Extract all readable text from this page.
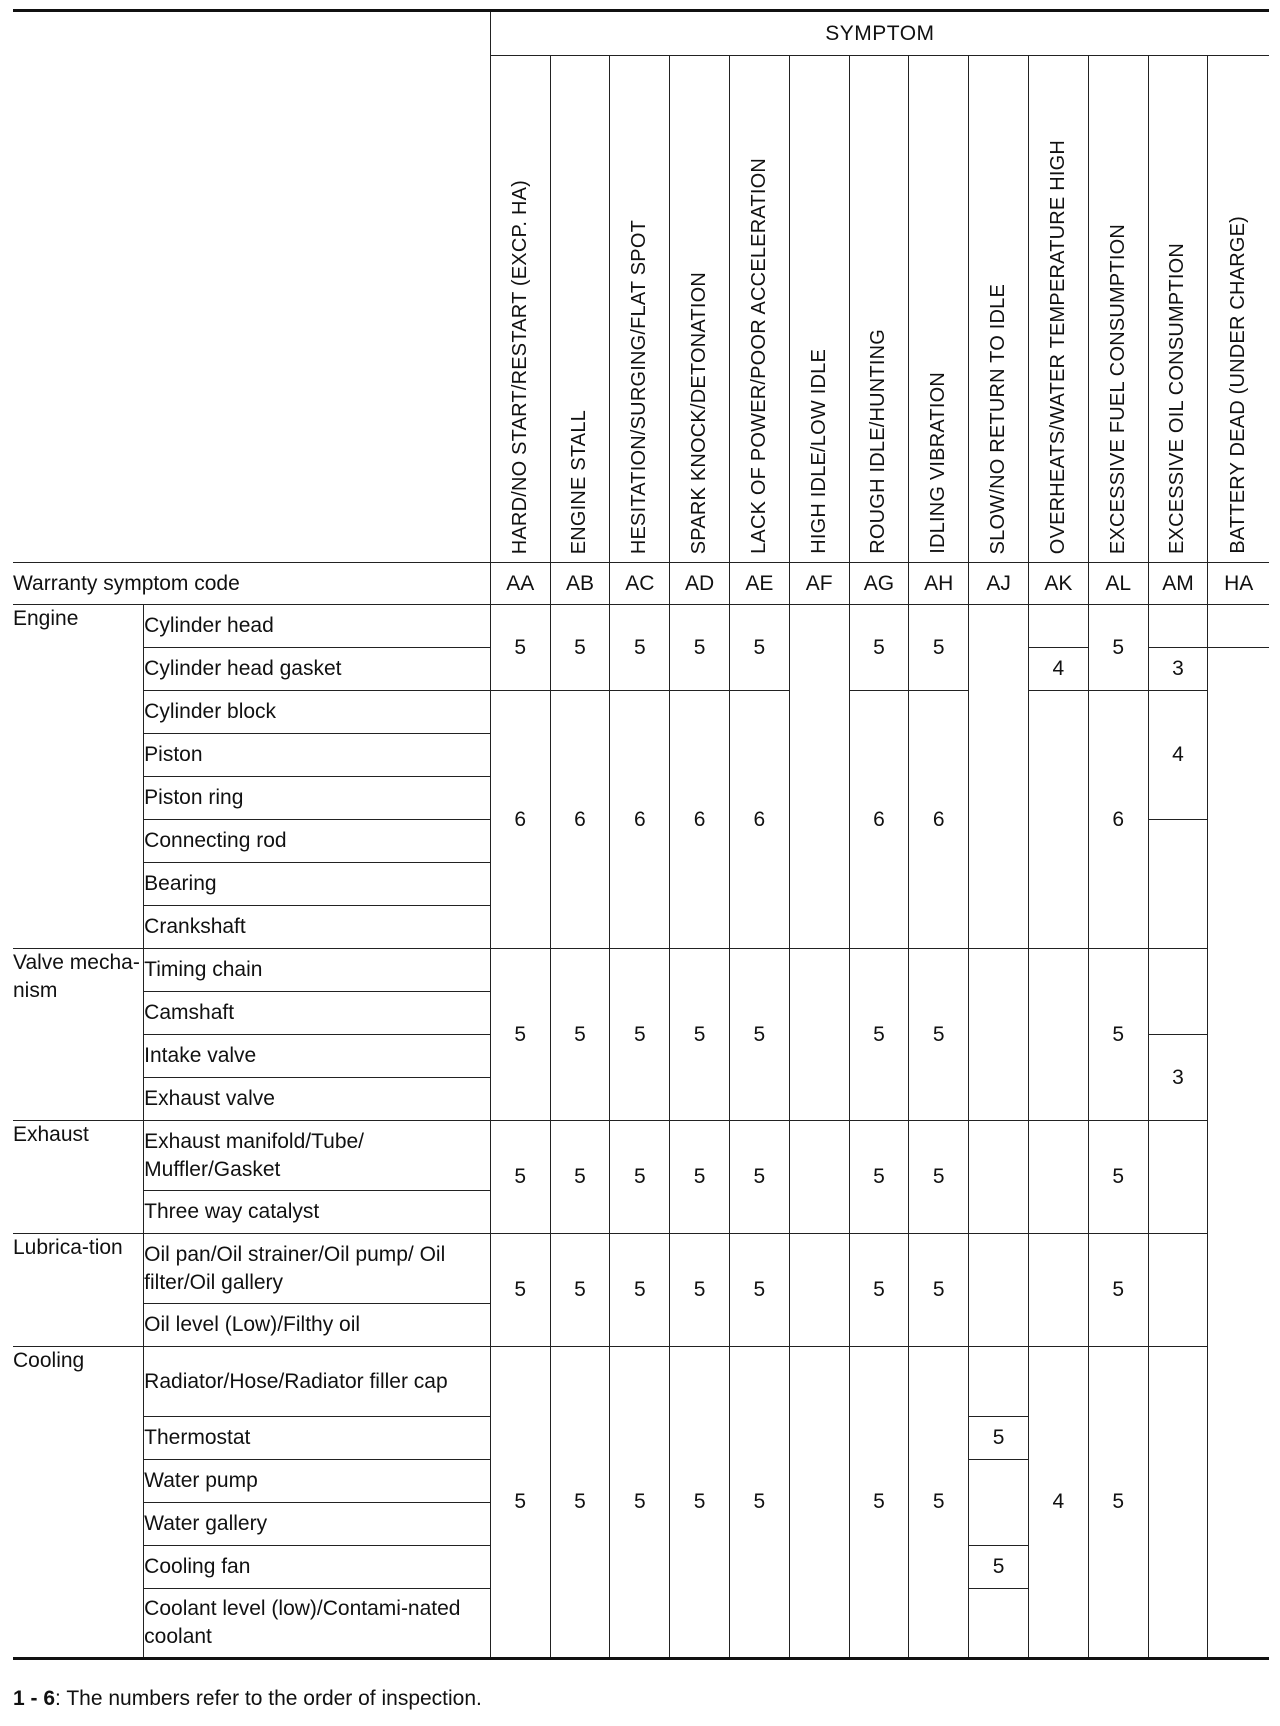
		SYMPTOM												

		HARD/NO START/RESTART (EXCP. HA)	ENGINE STALL	HESITATION/SURGING/FLAT SPOT	SPARK KNOCK/DETONATION	LACK OF POWER/POOR ACCELERATION	HIGH IDLE/LOW IDLE	ROUGH IDLE/HUNTING	IDLING VIBRATION	SLOW/NO RETURN TO IDLE	OVERHEATS/WATER TEMPERATURE HIGH	EXCESSIVE FUEL CONSUMPTION	EXCESSIVE OIL CONSUMPTION	BATTERY DEAD (UNDER CHARGE)

Warranty symptom code		AA	AB	AC	AD	AE	AF	AG	AH	AJ	AK	AL	AM	HA
Engine	Cylinder head	5	5	5	5	5		5	5			5		
	Cylinder head gasket										4		3	
	Cylinder block	6	6	6	6	6		6	6			6	4	
	Piston													
	Piston ring													
	Connecting rod													
	Bearing													
	Crankshaft													
Valve mecha-nism	Timing chain	5	5	5	5	5		5	5			5		
	Camshaft													
	Intake valve												3	
	Exhaust valve													
Exhaust	Exhaust manifold/Tube/ Muffler/Gasket	5	5	5	5	5		5	5			5		
	Three way catalyst													
Lubrica-tion	Oil pan/Oil strainer/Oil pump/ Oil filter/Oil gallery	5	5	5	5	5		5	5			5		
	Oil level (Low)/Filthy oil													
Cooling	Radiator/Hose/Radiator filler cap	5	5	5	5	5		5	5		4	5		
	Thermostat									5				
	Water pump													
	Water gallery													
	Cooling fan									5				
	Coolant level (low)/Contami-nated coolant													
1 - 6: The numbers refer to the order of inspection.
